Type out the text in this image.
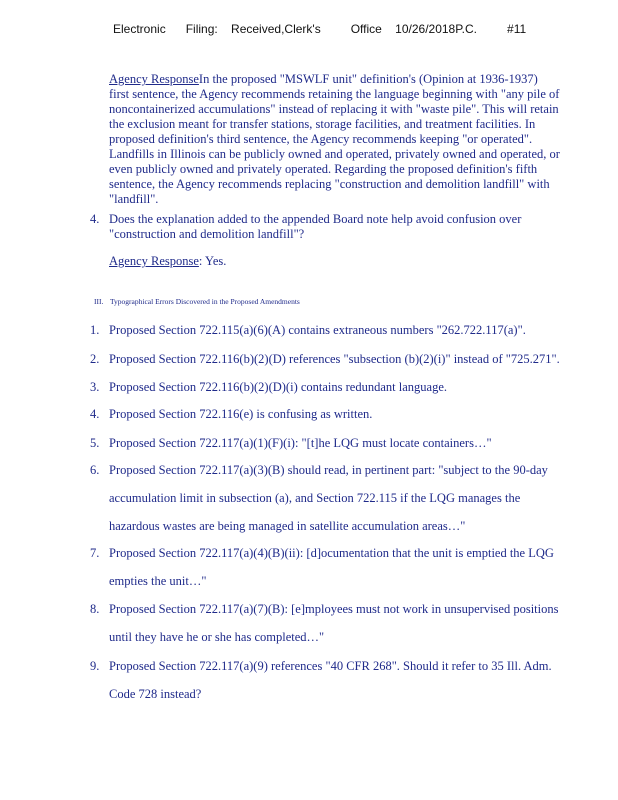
Electronic      Filing:    Received,Clerk's         Office    10/26/2018P.C.         #11
Agency ResponseIn the proposed "MSWLF unit" definition's (Opinion at 1936-1937)
first sentence, the Agency recommends retaining the language beginning with "any pile of
noncontainerized accumulations" instead of replacing it with "waste pile". This will retain
the exclusion meant for transfer stations, storage facilities, and treatment facilities. In
proposed definition's third sentence, the Agency recommends keeping "or operated".
Landfills in Illinois can be publicly owned and operated, privately owned and operated, or
even publicly owned and privately operated. Regarding the proposed definition's fifth
sentence, the Agency recommends replacing "construction and demolition landfill" with
"landfill".
4. Does the explanation added to the appended Board note help avoid confusion over
"construction and demolition landfill"?
Agency Response: Yes.
III. Typographical Errors Discovered in the Proposed Amendments
1. Proposed Section 722.115(a)(6)(A) contains extraneous numbers "262.722.117(a)".
2. Proposed Section 722.116(b)(2)(D) references "subsection (b)(2)(i)" instead of "725.271".
3. Proposed Section 722.116(b)(2)(D)(i) contains redundant language.
4. Proposed Section 722.116(e) is confusing as written.
5. Proposed Section 722.117(a)(1)(F)(i): "[t]he LQG must locate containers…"
6. Proposed Section 722.117(a)(3)(B) should read, in pertinent part: "subject to the 90-day
accumulation limit in subsection (a), and Section 722.115 if the LQG manages the
hazardous wastes are being managed in satellite accumulation areas…"
7. Proposed Section 722.117(a)(4)(B)(ii): [d]ocumentation that the unit is emptied the LQG
empties the unit…"
8. Proposed Section 722.117(a)(7)(B): [e]mployees must not work in unsupervised positions
until they have he or she has completed…"
9. Proposed Section 722.117(a)(9) references "40 CFR 268". Should it refer to 35 Ill. Adm.
Code 728 instead?
